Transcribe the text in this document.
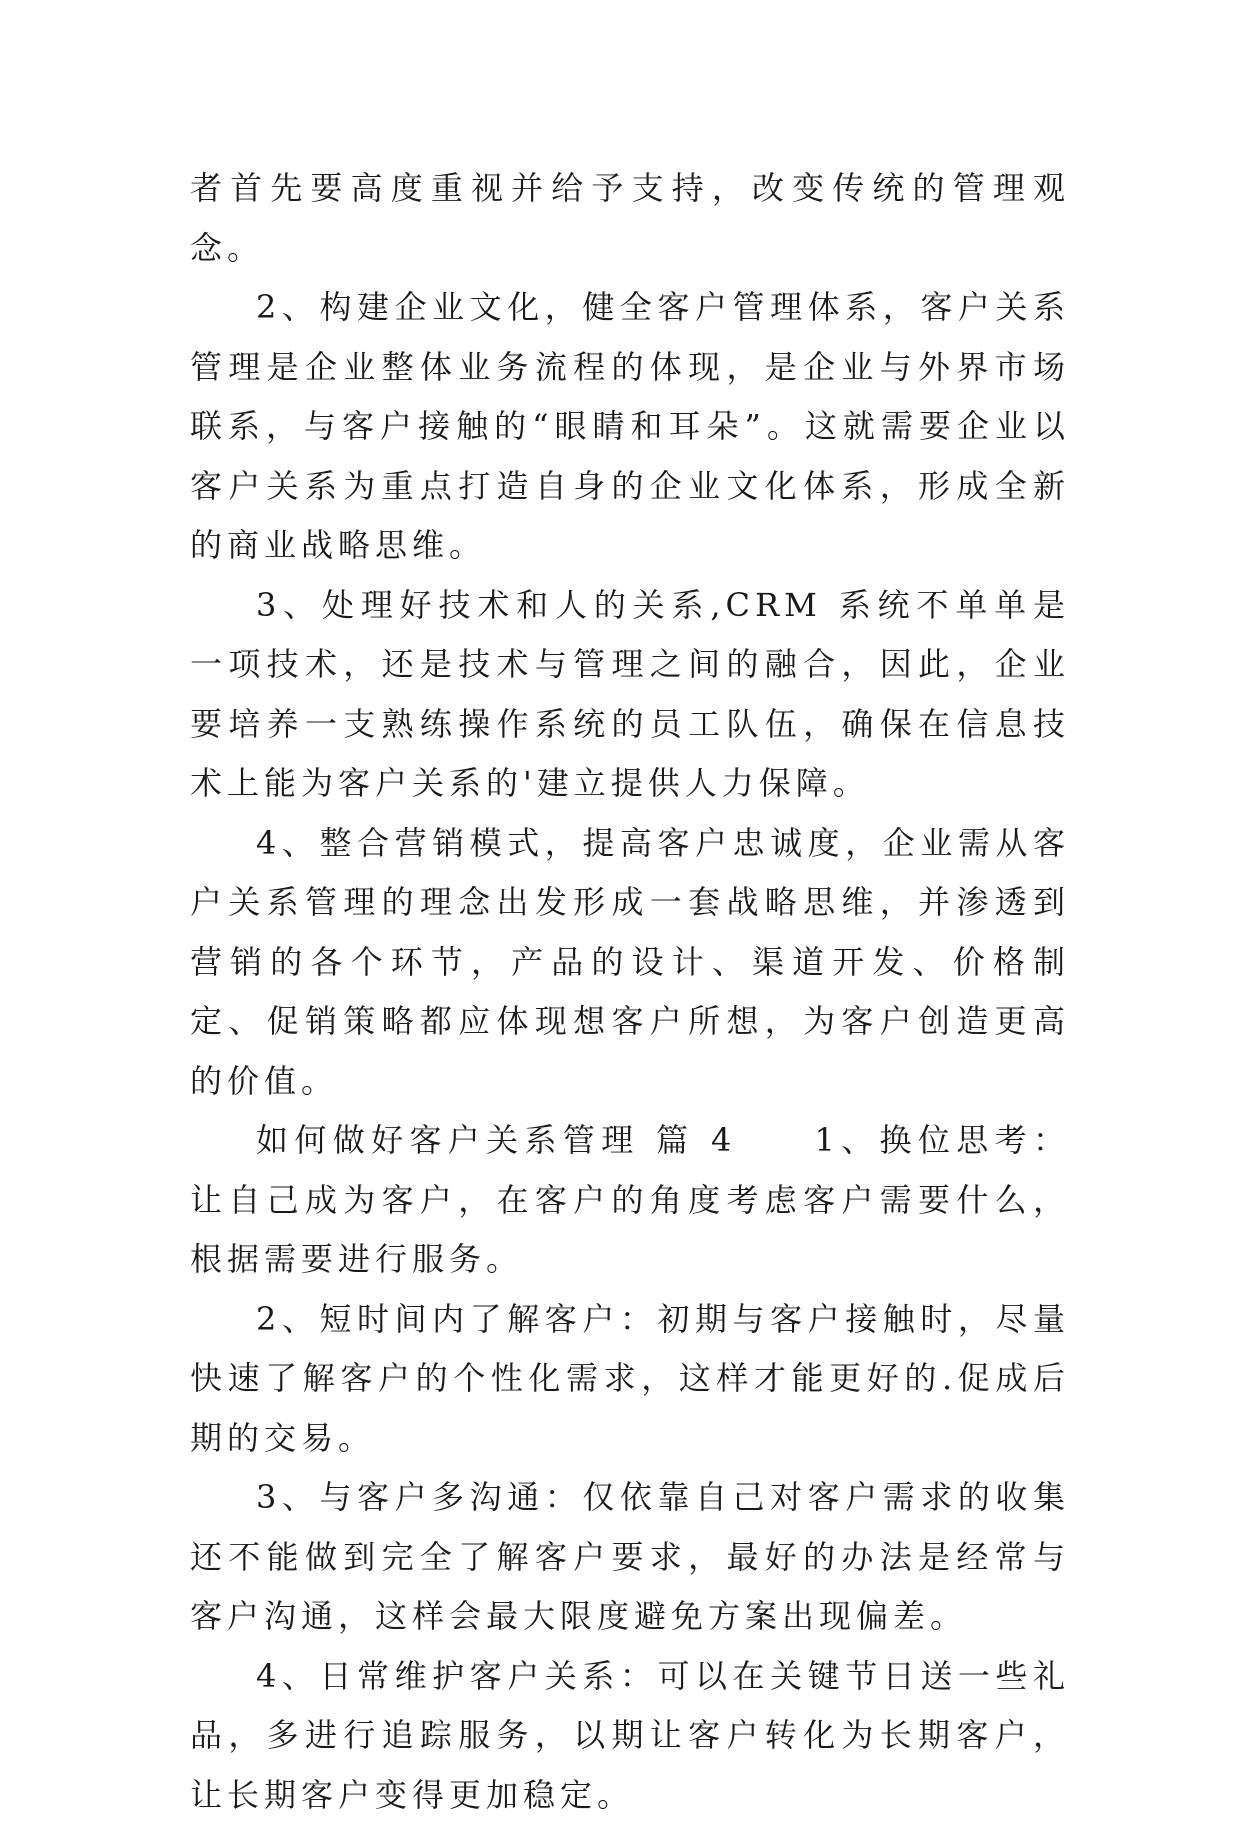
者首先要高度重视并给予支持，改变传统的管理观念。

2、构建企业文化，健全客户管理体系，客户关系管理是企业整体业务流程的体现，是企业与外界市场联系，与客户接触的“眼睛和耳朵”。这就需要企业以客户关系为重点打造自身的企业文化体系，形成全新的商业战略思维。

3、处理好技术和人的关系,CRM 系统不单单是一项技术，还是技术与管理之间的融合，因此，企业要培养一支熟练操作系统的员工队伍，确保在信息技术上能为客户关系的'建立提供人力保障。

4、整合营销模式，提高客户忠诚度，企业需从客户关系管理的理念出发形成一套战略思维，并渗透到营销的各个环节，产品的设计、渠道开发、价格制定、促销策略都应体现想客户所想，为客户创造更高的价值。

如何做好客户关系管理 篇 4　　1、换位思考：让自己成为客户，在客户的角度考虑客户需要什么，根据需要进行服务。

2、短时间内了解客户：初期与客户接触时，尽量快速了解客户的个性化需求，这样才能更好的.促成后期的交易。

3、与客户多沟通：仅依靠自己对客户需求的收集还不能做到完全了解客户要求，最好的办法是经常与客户沟通，这样会最大限度避免方案出现偏差。

4、日常维护客户关系：可以在关键节日送一些礼品，多进行追踪服务，以期让客户转化为长期客户，让长期客户变得更加稳定。
